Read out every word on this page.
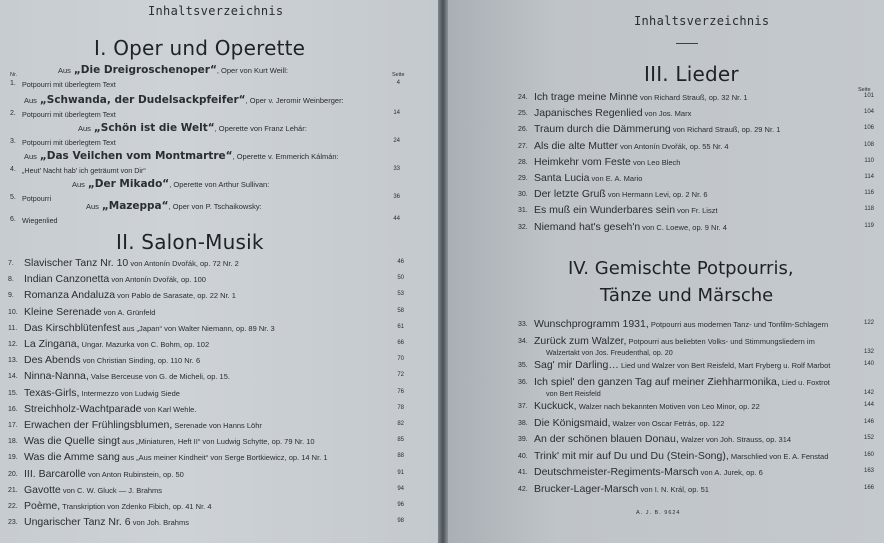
Inhaltsverzeichnis
I. Oper und Operette
Nr.	Seite
Aus „Die Dreigroschenoper“, Oper von Kurt Weill:
1. Potpourri mit überlegtem Text	4
Aus „Schwanda, der Dudelsackpfeifer“, Oper v. Jeromir Weinberger:
2. Potpourri mit überlegtem Text	14
Aus „Schön ist die Welt“, Operette von Franz Lehár:
3. Potpourri mit überlegtem Text	24
Aus „Das Veilchen vom Montmartre“, Operette v. Emmerich Kálmán:
4. „Heut' Nacht hab' ich geträumt von Dir“	33
Aus „Der Mikado“, Operette von Arthur Sullivan:
5. Potpourri	36
Aus „Mazeppa“, Oper von P. Tschaikowsky:
6. Wiegenlied	44
II. Salon-Musik
7. Slavischer Tanz Nr. 10 von Antonín Dvořák, op. 72 Nr. 2	46
8. Indian Canzonetta von Antonín Dvořák, op. 100	50
9. Romanza Andaluza von Pablo de Sarasate, op. 22 Nr. 1	53
10. Kleine Serenade von A. Grünfeld	58
11. Das Kirschblütenfest aus „Japan“ von Walter Niemann, op. 89 Nr. 3	61
12. La Zingana, Ungar. Mazurka von C. Bohm, op. 102	66
13. Des Abends von Christian Sinding, op. 110 Nr. 6	70
14. Ninna-Nanna, Valse Berceuse von G. de Micheli, op. 15.	72
15. Texas-Girls, Intermezzo von Ludwig Siede	76
16. Streichholz-Wachtparade von Karl Wehle.	78
17. Erwachen der Frühlingsblumen, Serenade von Hanns Löhr	82
18. Was die Quelle singt aus „Miniaturen, Heft II“ von Ludwig Schytte, op. 79 Nr. 10	85
19. Was die Amme sang aus „Aus meiner Kindheit“ von Serge Bortkiewicz, op. 14 Nr. 1	88
20. III. Barcarolle von Anton Rubinstein, op. 50	91
21. Gavotte von C. W. Gluck — J. Brahms	94
22. Poème, Transkription von Zdenko Fibich, op. 41 Nr. 4	96
23. Ungarischer Tanz Nr. 6 von Joh. Brahms	98
Inhaltsverzeichnis
III. Lieder
Seite
24. Ich trage meine Minne von Richard Strauß, op. 32 Nr. 1	101
25. Japanisches Regenlied von Jos. Marx	104
26. Traum durch die Dämmerung von Richard Strauß, op. 29 Nr. 1	106
27. Als die alte Mutter von Antonín Dvořák, op. 55 Nr. 4	108
28. Heimkehr vom Feste von Leo Blech	110
29. Santa Lucia von E. A. Mario	114
30. Der letzte Gruß von Hermann Levi, op. 2 Nr. 6	116
31. Es muß ein Wunderbares sein von Fr. Liszt	118
32. Niemand hat's geseh'n von C. Loewe, op. 9 Nr. 4	119
IV. Gemischte Potpourris,
Tänze und Märsche
33. Wunschprogramm 1931, Potpourri aus modernen Tanz- und Tonfilm-Schlagern	122
34. Zurück zum Walzer, Potpourri aus beliebten Volks- und Stimmungsliedern im
Walzertakt von Jos. Freudenthal, op. 20	132
35. Sag' mir Darling… Lied und Walzer von Bert Reisfeld, Mart Fryberg u. Rolf Marbot	140
36. Ich spiel' den ganzen Tag auf meiner Ziehharmonika, Lied u. Foxtrot
von Bert Reisfeld	142
37. Kuckuck, Walzer nach bekannten Motiven von Leo Minor, op. 22	144
38. Die Königsmaid, Walzer von Oscar Fetrás, op. 122	146
39. An der schönen blauen Donau, Walzer von Joh. Strauss, op. 314	152
40. Trink' mit mir auf Du und Du (Stein-Song), Marschlied von E. A. Fenstad	160
41. Deutschmeister-Regiments-Marsch von A. Jurek, op. 6	163
42. Brucker-Lager-Marsch von I. N. Král, op. 51	166
A. J. B. 9624
